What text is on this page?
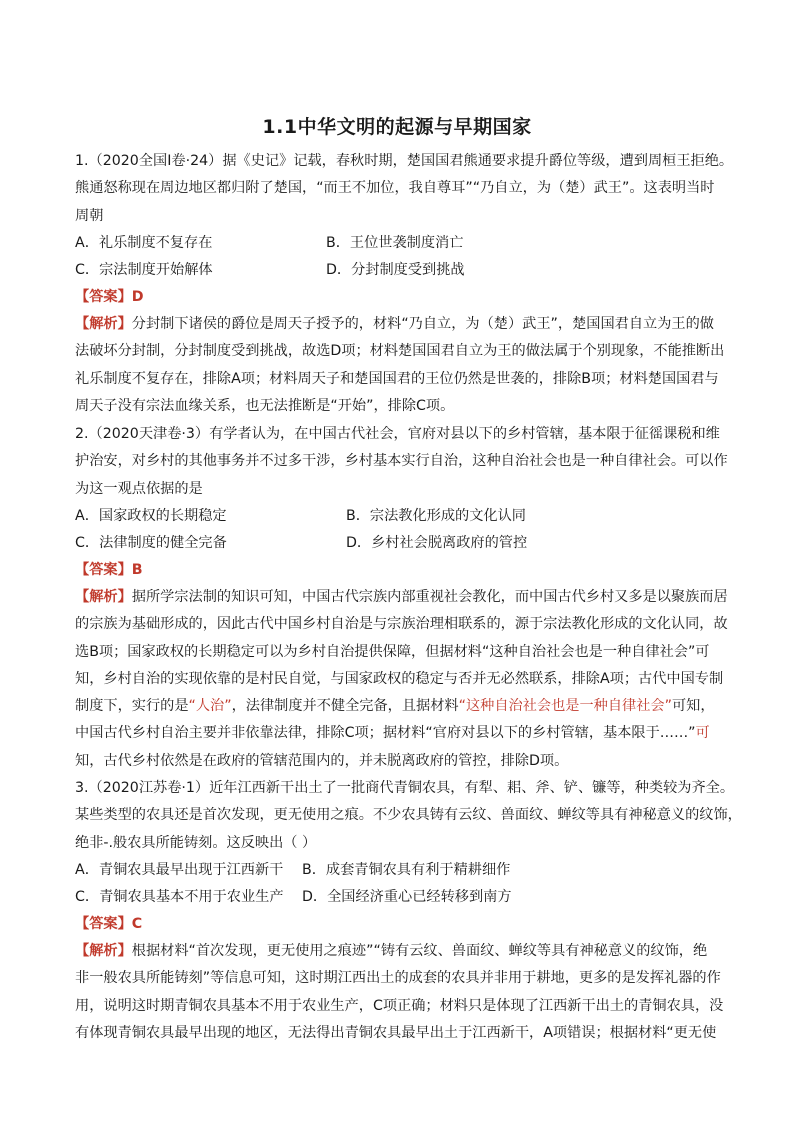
1.1中华文明的起源与早期国家
1.（2020全国Ⅰ卷·24）据《史记》记载，春秋时期，楚国国君熊通要求提升爵位等级，遭到周桓王拒绝。
熊通怒称现在周边地区都归附了楚国，“而王不加位，我自尊耳”“乃自立，为（楚）武王”。这表明当时
周朝
A．礼乐制度不复存在	B．王位世袭制度消亡
C．宗法制度开始解体	D．分封制度受到挑战
【答案】D
【解析】分封制下诸侯的爵位是周天子授予的，材料“乃自立，为（楚）武王”，楚国国君自立为王的做
法破坏分封制，分封制度受到挑战，故选D项；材料楚国国君自立为王的做法属于个别现象，不能推断出
礼乐制度不复存在，排除A项；材料周天子和楚国国君的王位仍然是世袭的，排除B项；材料楚国国君与
周天子没有宗法血缘关系，也无法推断是“开始”，排除C项。
2.（2020天津卷·3）有学者认为，在中国古代社会，官府对县以下的乡村管辖，基本限于征徭课税和维
护治安，对乡村的其他事务并不过多干涉，乡村基本实行自治，这种自治社会也是一种自律社会。可以作
为这一观点依据的是
A．国家政权的长期稳定	B．宗法教化形成的文化认同
C．法律制度的健全完备	D．乡村社会脱离政府的管控
【答案】B
【解析】据所学宗法制的知识可知，中国古代宗族内部重视社会教化，而中国古代乡村又多是以聚族而居
的宗族为基础形成的，因此古代中国乡村自治是与宗族治理相联系的，源于宗法教化形成的文化认同，故
选B项；国家政权的长期稳定可以为乡村自治提供保障，但据材料“这种自治社会也是一种自律社会”可
知，乡村自治的实现依靠的是村民自觉，与国家政权的稳定与否并无必然联系，排除A项；古代中国专制
制度下，实行的是“人治”，法律制度并不健全完备，且据材料“这种自治社会也是一种自律社会”可知，
中国古代乡村自治主要并非依靠法律，排除C项；据材料“官府对县以下的乡村管辖，基本限于……”可
知，古代乡村依然是在政府的管辖范围内的，并未脱离政府的管控，排除D项。
3.（2020江苏卷·1）近年江西新干出土了一批商代青铜农具，有犁、耜、斧、铲、镰等，种类较为齐全。
某些类型的农具还是首次发现，更无使用之痕。不少农具铸有云纹、兽面纹、蝉纹等具有神秘意义的纹饰，
绝非-.般农具所能铸刻。这反映出（ ）
A．青铜农具最早出现于江西新干 B．成套青铜农具有利于精耕细作
C．青铜农具基本不用于农业生产 D．全国经济重心已经转移到南方
【答案】C
【解析】根据材料“首次发现，更无使用之痕迹”“铸有云纹、兽面纹、蝉纹等具有神秘意义的纹饰，绝
非一般农具所能铸刻”等信息可知，这时期江西出土的成套的农具并非用于耕地，更多的是发挥礼器的作
用，说明这时期青铜农具基本不用于农业生产，C项正确；材料只是体现了江西新干出土的青铜农具，没
有体现青铜农具最早出现的地区，无法得出青铜农具最早出土于江西新干，A项错误；根据材料“更无使
